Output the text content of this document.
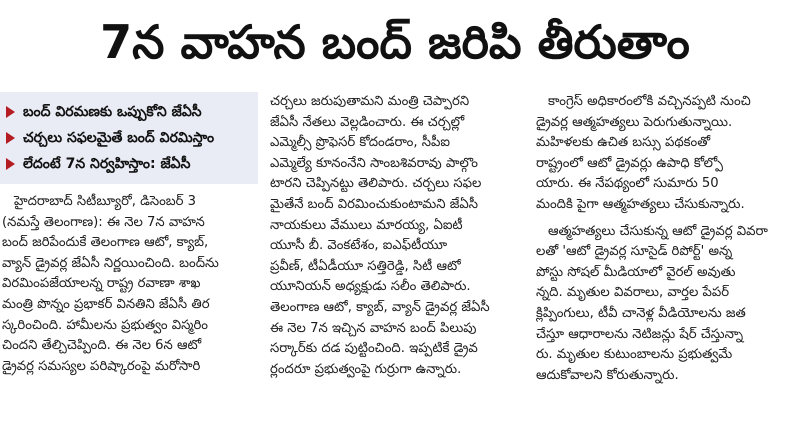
7న వాహన బంద్ జరిపి తీరుతాం
బంద్ విరమణకు ఒప్పుకోని జేఏసీ
చర్చలు సఫలమైతే బంద్ విరమిస్తాం
లేదంటే 7న నిర్వహిస్తాం: జేఏసీ
హైదరాబాద్ సిటీబ్యూరో, డిసెంబర్ 3
(నమస్తే తెలంగాణ): ఈ నెల 7న వాహన
బంద్ జరిపేందుకే తెలంగాణ ఆటో, క్యాబ్,
వ్యాన్ డ్రైవర్ల జేఏసీ నిర్ణయించింది. బంద్‌ను
విరమింపజేయాలన్న రాష్ట్ర రవాణా శాఖ
మంత్రి పొన్నం ప్రభాకర్ వినతిని జేఏసీ తిర
స్కరించింది. హామీలను ప్రభుత్వం విస్మరిం
చిందని తేల్చిచెప్పింది. ఈ నెల 6న ఆటో
డ్రైవర్ల సమస్యల పరిష్కారంపై మరోసారి
చర్చలు జరుపుతామని మంత్రి చెప్పారని
జేఏసీ నేతలు వెల్లడించారు. ఈ చర్చల్లో
ఎమ్మెల్సీ ప్రొఫెసర్ కోదండరాం, సీపీఐ
ఎమ్మెల్యే కూనంనేని సాంబశివరావు పాల్గొం
టారని చెప్పినట్టు తెలిపారు. చర్చలు సఫల
మైతేనే బంద్ విరమించుకుంటామని జేఏసీ
నాయకులు వేములు మారయ్య, ఏఐటీ
యూసీ బీ. వెంకటేశం, ఐఎఫ్‌టీయూ
ప్రవీణ్, టీఏడీయూ సత్తిరెడ్డి, సిటీ ఆటో
యూనియన్ అధ్యక్షుడు సలీం తెలిపారు.
తెలంగాణ ఆటో, క్యాబ్, వ్యాన్ డ్రైవర్ల జేఏసీ
ఈ నెల 7న ఇచ్చిన వాహన బంద్ పిలుపు
సర్కార్‌కు దడ పుట్టించింది. ఇప్పటికే డ్రైవ
ర్లందరూ ప్రభుత్వంపై గుర్రుగా ఉన్నారు.
కాంగ్రెస్ అధికారంలోకి వచ్చినప్పటి నుంచి
డ్రైవర్ల ఆత్మహత్యలు పెరుగుతున్నాయి.
మహిళలకు ఉచిత బస్సు పథకంతో
రాష్ట్రంలో ఆటో డ్రైవర్లు ఉపాధి కోల్పో
యారు. ఈ నేపథ్యంలో సుమారు 50
మందికి పైగా ఆత్మహత్యలు చేసుకున్నారు.
ఆత్మహత్యలు చేసుకున్న ఆటో డ్రైవర్ల వివరా
లతో 'ఆటో డ్రైవర్ల సూసైడ్ రిపోర్ట్' అన్న
పోస్టు సోషల్ మీడియాలో వైరల్ అవుతు
న్నది. మృతుల వివరాలు, వార్తల పేపర్
క్లిప్పింగులు, టీవీ చానెళ్ల వీడియోలను జత
చేస్తూ ఆధారాలను నెటిజన్లు షేర్ చేస్తున్నా
రు. మృతుల కుటుంబాలను ప్రభుత్వమే
ఆదుకోవాలని కోరుతున్నారు.
